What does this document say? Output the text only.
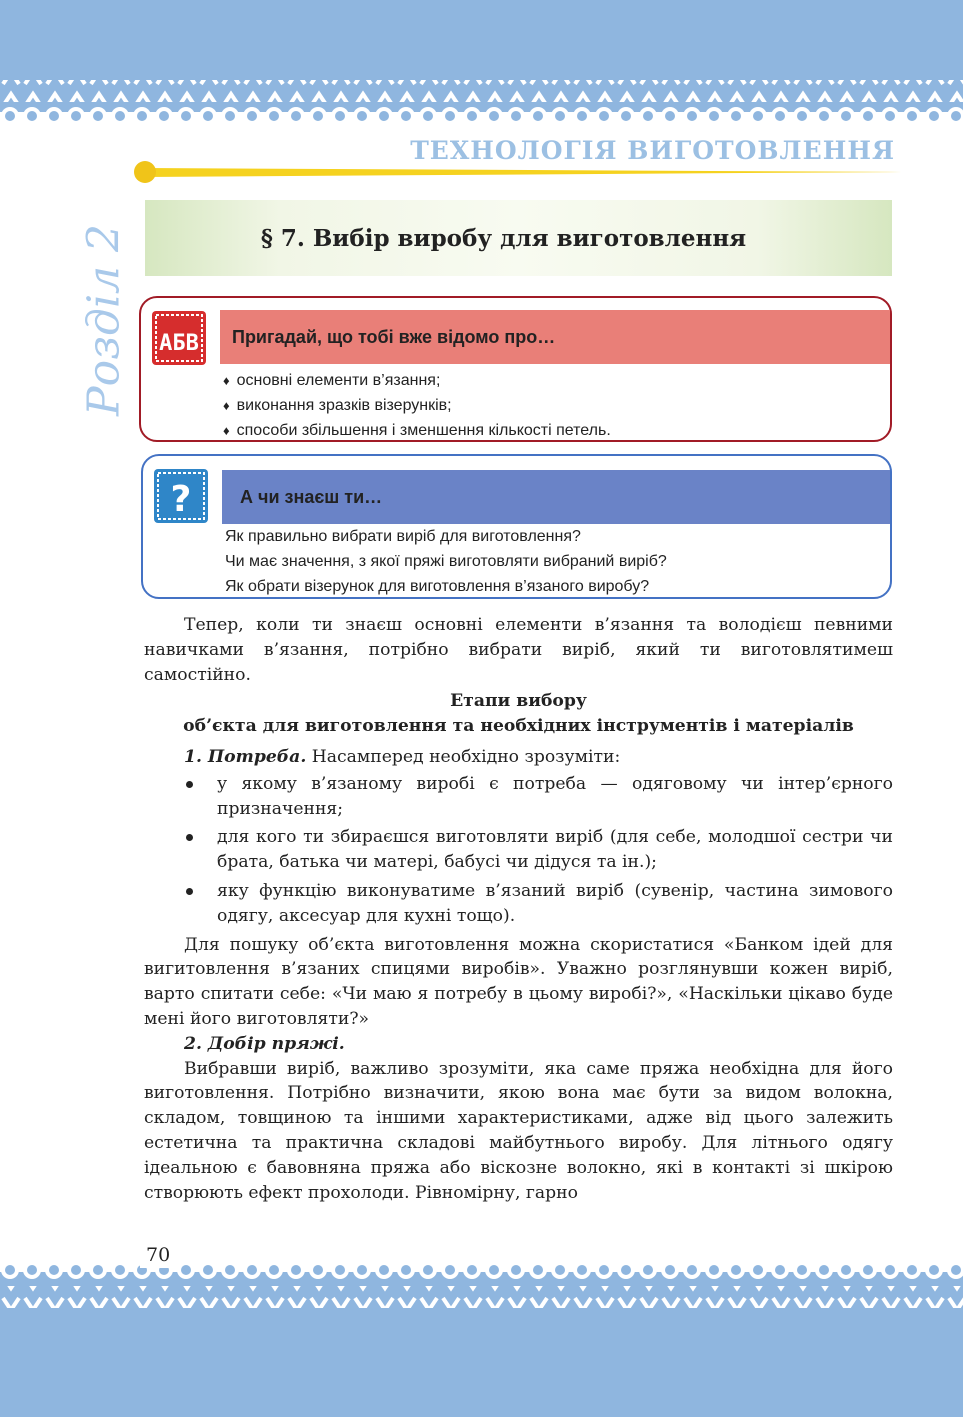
ТЕХНОЛОГІЯ ВИГОТОВЛЕННЯ
Розділ 2	§ 7. Вибір виробу для виготовлення
АБВ	Пригадай, що тобі вже відомо про…
♦ основні елементи в’язання;
♦ виконання зразків візерунків;
♦ способи збільшення і зменшення кількості петель.
?	А чи знаєш ти…
Як правильно вибрати виріб для виготовлення?
Чи має значення, з якої пряжі виготовляти вибраний виріб?
Як обрати візерунок для виготовлення в’язаного виробу?

Тепер, коли ти знаєш основні елементи в’язання та володієш певними навичками в’язання, потрібно вибрати виріб, який ти виготовлятимеш самостійно.

Етапи вибору
об’єкта для виготовлення та необхідних інструментів і матеріалів

1. Потреба. Насамперед необхідно зрозуміти:

у якому в’язаному виробі є потреба — одяговому чи інтер’єрного призначення;
для кого ти збираєшся виготовляти виріб (для себе, молодшої сестри чи брата, батька чи матері, бабусі чи дідуся та ін.);
яку функцію виконуватиме в’язаний виріб (сувенір, частина зимового одягу, аксесуар для кухні тощо).

Для пошуку об’єкта виготовлення можна скористатися «Банком ідей для вигитовлення в’язаних спицями виробів». Уважно розглянувши кожен виріб, варто спитати себе: «Чи маю я потребу в цьому виробі?», «Наскільки цікаво буде мені його виготовляти?»

2. Добір пряжі.

Вибравши виріб, важливо зрозуміти, яка саме пряжа необхідна для його виготовлення. Потрібно визначити, якою вона має бути за видом волокна, складом, товщиною та іншими характеристиками, адже від цього залежить естетична та практична складові майбутнього виробу. Для літнього одягу ідеальною є бавовняна пряжа або віскозне волокно, які в контакті зі шкірою створюють ефект прохолоди. Рівномірну, гарно

70
